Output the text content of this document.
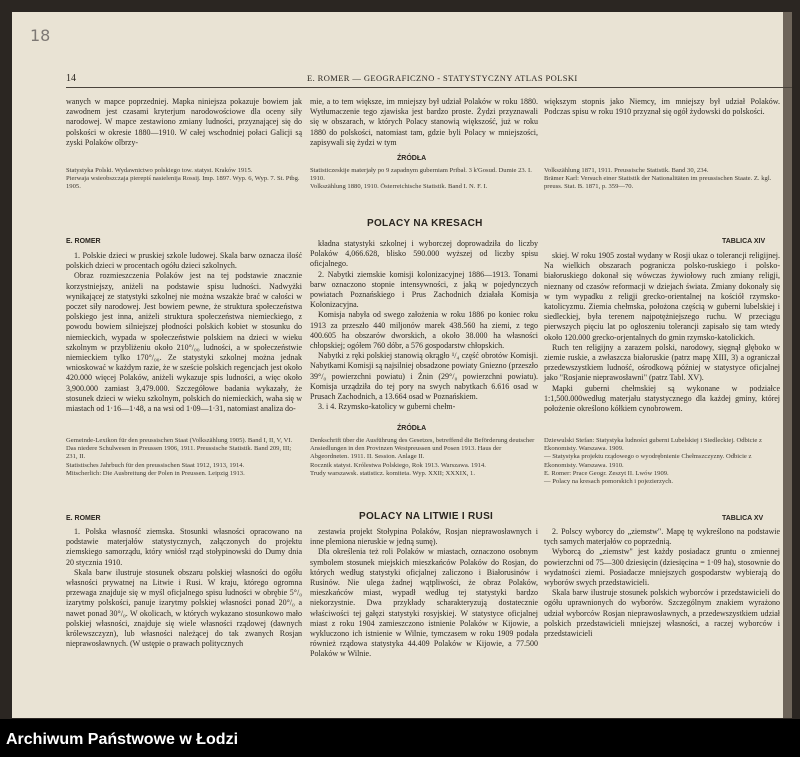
18
14	E. ROMER — GEOGRAFICZNO - STATYSTYCZNY ATLAS POLSKI
wanych w mapce poprzedniej. Mapka niniejsza pokazuje bowiem jak zawodnem jest czasami kryterjum narodowościowe dla oceny siły narodowej. W mapce zestawiono zmiany ludności, przyznającej się do polskości w okresie 1880—1910. W całej wschodniej połaci Galicji są zyski Polaków olbrzy-
mie, a to tem większe, im mniejszy był udział Polaków w roku 1880. Wytłumaczenie tego zjawiska jest bardzo proste. Żydzi przyznawali się w obszarach, w których Polacy stanowią większość, już w roku 1880 do polskości, natomiast tam, gdzie byli Polacy w mniejszości, zapisywali się żydzi w tym
większym stopnis jako Niemcy, im mniejszy był udział Polaków. Podczas spisu w roku 1910 przyznał się ogół żydowski do polskości.
Statystyka Polski. Wydawnictwo polskiego tow. statyst. Kraków 1915.
Pierwaja wsieobszczaja pierepiś nasielenija Rossij. Imp. 1897. Wyp. 6, Wyp. 7. St. Ptbg. 1905.
ŹRÓDŁA
Statisticzeskije materjały po 9 zapadnym guberniam Pribał. 3 k'Gosud. Dumie 23. I. 1910.
Volkszählung 1880, 1910. Österreichische Statistik. Band I. N. F. I.
Volkszählung 1871, 1911. Preussische Statistik. Band 30, 234.
Brämer Karl: Versuch einer Statistik der Nationalitäten im preussischen Staate. Z. kgl. preuss. Stat. B. 1871, p. 359—70.
E. ROMER
POLACY NA KRESACH
TABLICA XIV

1. Polskie dzieci w pruskiej szkole ludowej. Skala barw oznacza ilość polskich dzieci w procentach ogółu dzieci szkolnych.

Obraz rozmieszczenia Polaków jest na tej podstawie znacznie korzystniejszy, aniżeli na podstawie spisu ludności. Nadwyżki wynikającej ze statystyki szkolnej nie można wszakże brać w całości w poczet siły narodowej. Jest bowiem pewne, że struktura społeczeństwa polskiego jest inna, aniżeli struktura społeczeństwa niemieckiego, z powodu bowiem silniejszej płodności polskich kobiet w stosunku do niemieckich, wypada w społeczeństwie polskiem na dzieci w wieku szkolnym w przybliżeniu około 210°/₀₀ ludności, a w społeczeństwie niemieckiem tylko 170°/₀₀. Ze statystyki szkolnej można jednak wnioskować w każdym razie, że w szeście polskich regencjach jest około 420.000 więcej Polaków, aniżeli wykazuje spis ludności, a więc około 3,900.000 zamiast 3,479.000. Szczegółowe badania wykazały, że stosunek dzieci w wieku szkolnym, polskich do niemieckich, waha się w miastach od 1·16—1·48, a na wsi od 1·09—1·31, natomiast analiza do-

kładna statystyki szkolnej i wyborczej doprowadziła do liczby Polaków 4,066.628, blisko 590.000 wyższej od liczby spisu oficjalnego.

2. Nabytki ziemskie komisji kolonizacyjnej 1886—1913. Tonami barw oznaczono stopnie intensywności, z jaką w pojedynczych powiatach Poznańskiego i Prus Zachodnich działała Komisja Kolonizacyjna.

Komisja nabyła od swego założenia w roku 1886 po koniec roku 1913 za przeszło 440 miljonów marek 438.560 ha ziemi, z tego 400.605 ha obszarów dworskich, a około 38.000 ha własności chłopskiej; ogółem 760 dóbr, a 576 gospodarstw chłopskich.

Nabytki z ręki polskiej stanowią okrągło ¹/₄ część obrotów Komisji. Nabytkami Komisji są najsilniej obsadzone powiaty Gniezno (przeszło 39°/₀ powierzchni powiatu) i Żnin (29°/₀ powierzchni powiatu). Komisja urządziła do tej pory na swych nabytkach 6.616 osad w Prusach Zachodnich, a 13.664 osad w Poznańskiem.

3. i 4. Rzymsko-katolicy w guberni chełm-

skiej. W roku 1905 został wydany w Rosji ukaz o tolerancji religijnej. Na wielkich obszarach pogranicza polsko-ruskiego i polsko-białoruskiego dokonał się wówczas żywiołowy ruch zmiany religji, nieznany od czasów reformacji w dziejach świata. Zmiany dokonały się w tym wypadku z religji grecko-orientalnej na kościół rzymsko-katolicyzmu. Ziemia chełmska, położona częścią w guberni lubelskiej i siedleckiej, była terenem najpotężniejszego ruchu. W przeciągu pierwszych pięciu lat po ogłoszeniu tolerancji zapisało się tam wtedy około 120.000 grecko-orjentalnych do gmin rzymsko-katolickich.

Ruch ten religijny a zarazem polski, narodowy, sięgnął głęboko w ziemie ruskie, a zwłaszcza białoruskie (patrz mapę XIII, 3) a ograniczał przedewszystkiem ludność, ośrodkową później w statystyce oficjalnej jako "Rosjanie nieprawosławni" (patrz Tabl. XV).

Mapki guberni chełmskiej są wykonane w podziałce 1:1,500.000według materjału statystycznego dla każdej gminy, której położenie określono kółkiem cynobrowem.

ŹRÓDŁA
Gemeinde-Lexikon für den preussischen Staat (Volkszählung 1905). Band I, II, V, VI.
Das niedere Schulwesen in Preussen 1906, 1911. Preussische Statistik. Band 209, III; 231, II.
Statistisches Jahrbuch für den preussischen Staat 1912, 1913, 1914.
Mitscherlich: Die Ausbreitung der Polen in Preussen. Leipzig 1913.
Denkschrift über die Ausführung des Gesetzes, betreffend die Beförderung deutscher Ansiedlungen in den Provinzen Westpreussen und Posen 1913. Haus der Abgeordneten. 1911. II. Session. Anlage II.
Rocznik statyst. Królestwa Polskiego, Rok 1913. Warszawa. 1914.
Trudy warszawsk. statisticz. komiteta. Wyp. XXII; XXXIX, 1.
Dziewulski Stefan: Statystyka ludności guberni Lubelskiej i Siedleckiej. Odbicie z Ekonomisty. Warszawa. 1909.
— Statystyka projektu rządowego o wyodrębnienie Chełmszczyzny. Odbicie z Ekonomisty. Warszawa. 1910.
E. Romer: Prace Geogr. Zeszyt II. Lwów 1909.
— Polacy na kresach pomorskich i pojezierzych.
E. ROMER	POLACY NA LITWIE I RUSI	TABLICA XV

1. Polska własność ziemska. Stosunki własności opracowano na podstawie materjałów statystycznych, załączonych do projektu ziemskiego samorządu, który wniósł rząd stołypinowski do Dumy dnia 20 stycznia 1910.

Skala barw ilustruje stosunek obszaru polskiej własności do ogółu własności prywatnej na Litwie i Rusi. W kraju, którego ogromna przewaga znajduje się w myśl oficjalnego spisu ludności w obrębie 5°/₀ izarytmy polskości, panuje izarytmy polskiej własności ponad 20°/₀ a nawet ponad 30°/₀. W okolicach, w których wykazano stosunkowo mało polskiej własności, znajduje się wiele własności rządowej (dawnych królewszczyzn), lub własności należącej do tak zwanych Rosjan nieprawosławnych. (W ustępie o prawach politycznych

zestawia projekt Stołypina Polaków, Rosjan nieprawosławnych i inne plemiona nieruskie w jedną sumę).

Dla określenia też roli Polaków w miastach, oznaczono osobnym symbolem stosunek miejskich mieszkańców Polaków do Rosjan, do których według statystyki oficjalnej zaliczono i Białorusinów i Rusinów. Nie ulega żadnej wątpliwości, że obraz Polaków, mieszkańców miast, wypadł według tej statystyki bardzo niekorzystnie. Dwa przykłady scharakteryzują dostatecznie właściwości tej gałęzi statystyki rosyjskiej. W statystyce oficjalnej miast z roku 1904 zamieszczono istnienie Polaków w Kijowie, a wykluczono ich istnienie w Wilnie, tymczasem w roku 1909 podała również rządowa statystyka 44.409 Polaków w Kijowie, a 77.500 Polaków w Wilnie.

2. Polscy wyborcy do „ziemstw". Mapę tę wykreślono na podstawie tych samych materjałów co poprzednią.

Wyborcą do „ziemstw" jest każdy posiadacz gruntu o zmiennej powierzchni od 75—300 dziesięcin (dziesięcina = 1·09 ha), stosownie do wydatności ziemi. Posiadacze mniejszych gospodarstw wybierają do wyborów swych przedstawicieli.

Skala barw ilustruje stosunek polskich wyborców i przedstawicieli do ogółu uprawnionych do wyborów. Szczególnym znakiem wyrażono udział wyborców Rosjan nieprawosławnych, a przedewszystkiem udział polskich przedstawicieli mniejszej własności, a raczej wyborców i przedstawicieli

Archiwum Państwowe w Łodzi
